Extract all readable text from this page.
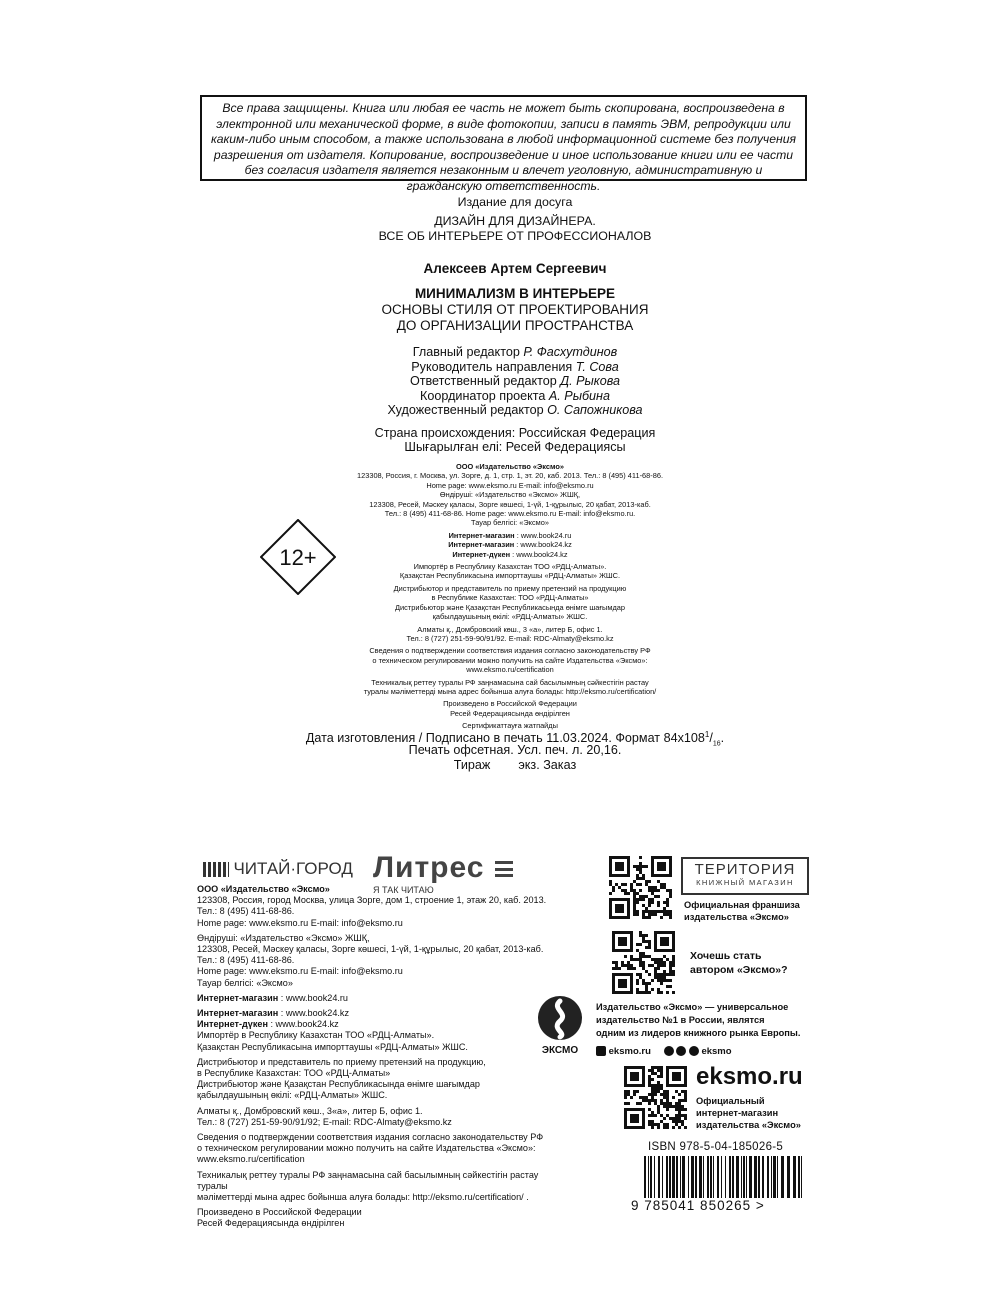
Все права защищены. Книга или любая ее часть не может быть скопирована, воспроизведена в электронной или механической форме, в виде фотокопии, записи в память ЭВМ, репродукции или каким-либо иным способом, а также использована в любой информационной системе без получения разрешения от издателя. Копирование, воспроизведение и иное использование книги или ее части без согласия издателя является незаконным и влечет уголовную, административную и гражданскую ответственность.
Издание для досуга
ДИЗАЙН ДЛЯ ДИЗАЙНЕРА.
ВСЕ ОБ ИНТЕРЬЕРЕ ОТ ПРОФЕССИОНАЛОВ
Алексеев Артем Сергеевич
МИНИМАЛИЗМ В ИНТЕРЬЕРЕ
ОСНОВЫ СТИЛЯ ОТ ПРОЕКТИРОВАНИЯ
ДО ОРГАНИЗАЦИИ ПРОСТРАНСТВА
Главный редактор Р. Фасхутдинов
Руководитель направления Т. Сова
Ответственный редактор Д. Рыкова
Координатор проекта А. Рыбина
Художественный редактор О. Сапожникова
Страна происхождения: Российская Федерация
Шығарылған елі: Ресей Федерациясы
12+
ООО «Издательство «Эксмо»
123308, Россия, г. Москва, ул. Зорге, д. 1, стр. 1, эт. 20, каб. 2013. Тел.: 8 (495) 411-68-86.
Home page: www.eksmo.ru E-mail: info@eksmo.ru
Өндіруші: «Издательство «Эксмо» ЖШҚ,
123308, Ресей, Мәскеу қаласы, Зорге көшесі, 1-үй, 1-құрылыс, 20 қабат, 2013-каб.
Тел.: 8 (495) 411-68-86. Home page: www.eksmo.ru E-mail: info@eksmo.ru.
Тауар белгісі: «Эксмо»
Интернет-магазин : www.book24.ru
Интернет-магазин : www.book24.kz
Интернет-дүкен : www.book24.kz
Импортёр в Республику Казахстан ТОО «РДЦ-Алматы».
Қазақстан Республикасына импорттаушы «РДЦ-Алматы» ЖШС.
Дистрибьютор и представитель по приему претензий на продукцию
в Республике Казахстан: ТОО «РДЦ-Алматы»
Дистрибьютор және Қазақстан Республикасында өнімге шағымдар
қабылдаушының өкілі: «РДЦ-Алматы» ЖШС.
Алматы қ., Домбровский көш., 3 «а», литер Б, офис 1.
Тел.: 8 (727) 251-59-90/91/92. E-mail: RDC-Almaty@eksmo.kz
Сведения о подтверждении соответствия издания согласно законодательству РФ
о техническом регулировании можно получить на сайте Издательства «Эксмо»:
www.eksmo.ru/certification
Техникалық реттеу туралы РФ заңнамасына сай басылымның сәйкестігін растау
туралы мәліметтерді мына адрес бойынша алуға болады: http://eksmo.ru/certification/
Произведено в Российской Федерации
Ресей Федерациясында өндірілген
Сертификаттауға жатпайды
Дата изготовления / Подписано в печать 11.03.2024. Формат $84x108^1/_{16}$.
Печать офсетная. Усл. печ. л. 20,16.
Тираж        экз. Заказ
ЧИТАЙ·ГОРОД Литрес
Я ТАК ЧИТАЮ
ООО «Издательство «Эксмо»
123308, Россия, город Москва, улица Зорге, дом 1, строение 1, этаж 20, каб. 2013.
Тел.: 8 (495) 411-68-86.
Home page: www.eksmo.ru E-mail: info@eksmo.ru
Өндіруші: «Издательство «Эксмо» ЖШҚ,
123308, Ресей, Мәскеу қаласы, Зорге көшесі, 1-үй, 1-құрылыс, 20 қабат, 2013-каб.
Тел.: 8 (495) 411-68-86.
Home page: www.eksmo.ru E-mail: info@eksmo.ru
Тауар белгісі: «Эксмо»
Интернет-магазин : www.book24.ru
Интернет-магазин : www.book24.kz
Интернет-дүкен : www.book24.kz
Импортёр в Республику Казахстан ТОО «РДЦ-Алматы».
Қазақстан Республикасына импорттаушы «РДЦ-Алматы» ЖШС.
Дистрибьютор и представитель по приему претензий на продукцию,
в Республике Казахстан: ТОО «РДЦ-Алматы»
Дистрибьютор және Қазақстан Республикасында өнімге шағымдар
қабылдаушының өкілі: «РДЦ-Алматы» ЖШС.
Алматы қ., Домбровский көш., 3«а», литер Б, офис 1.
Тел.: 8 (727) 251-59-90/91/92; E-mail: RDC-Almaty@eksmo.kz
Сведения о подтверждении соответствия издания согласно законодательству РФ
о техническом регулировании можно получить на сайте Издательства «Эксмо»:
www.eksmo.ru/certification
Техникалық реттеу туралы РФ заңнамасына сай басылымның сәйкестігін растау туралы
мәліметтерді мына адрес бойынша алуға болады: http://eksmo.ru/certification/ .
Произведено в Российской Федерации
Ресей Федерациясында өндірілген
ТЕРИТОРИЯ
КНИЖНЫЙ МАГАЗИН
Официальная франшиза
издательства «Эксмо»
Хочешь стать
автором «Эксмо»?
ЭКСМО
Издательство «Эксмо» — универсальное
издательство №1 в России, являтся
одним из лидеров книжного рынка Европы.
eksmo.ru	eksmo
eksmo.ru
Официальный
интернет-магазин
издательства «Эксмо»
ISBN 978-5-04-185026-5
9 785041 850265 >
